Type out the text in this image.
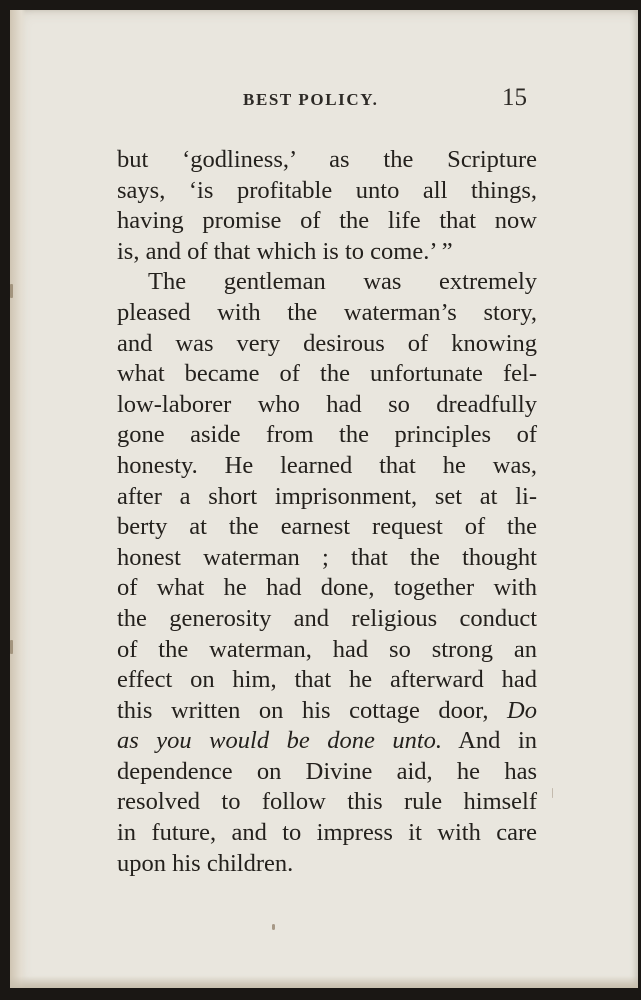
BEST POLICY.	15
but ‘godliness,’ as the Scripture
says, ‘is profitable unto all things,
having promise of the life that now
is, and of that which is to come.’ ”
The gentleman was extremely
pleased with the waterman’s story,
and was very desirous of knowing
what became of the unfortunate fel-
low-laborer who had so dreadfully
gone aside from the principles of
honesty. He learned that he was,
after a short imprisonment, set at li-
berty at the earnest request of the
honest waterman ; that the thought
of what he had done, together with
the generosity and religious conduct
of the waterman, had so strong an
effect on him, that he afterward had
this written on his cottage door, Do
as you would be done unto. And in
dependence on Divine aid, he has
resolved to follow this rule himself
in future, and to impress it with care
upon his children.
